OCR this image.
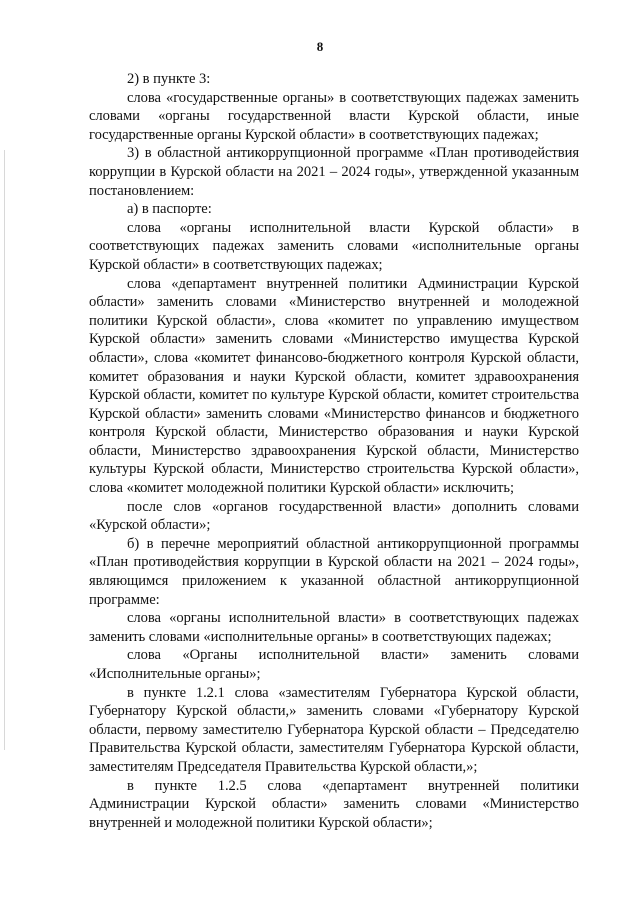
8

2) в пункте 3:

слова «государственные органы» в соответствующих падежах заменить словами «органы государственной власти Курской области, иные государственные органы Курской области» в соответствующих падежах;

3) в областной антикоррупционной программе «План противодействия коррупции в Курской области на 2021 – 2024 годы», утвержденной указанным постановлением:

а) в паспорте:

слова «органы исполнительной власти Курской области» в соответствующих падежах заменить словами «исполнительные органы Курской области» в соответствующих падежах;

слова «департамент внутренней политики Администрации Курской области» заменить словами «Министерство внутренней и молодежной политики Курской области», слова «комитет по управлению имуществом Курской области» заменить словами «Министерство имущества Курской области», слова «комитет финансово-бюджетного контроля Курской области, комитет образования и науки Курской области, комитет здравоохранения Курской области, комитет по культуре Курской области, комитет строительства Курской области» заменить словами «Министерство финансов и бюджетного контроля Курской области, Министерство образования и науки Курской области, Министерство здравоохранения Курской области, Министерство культуры Курской области, Министерство строительства Курской области», слова «комитет молодежной политики Курской области» исключить;

после слов «органов государственной власти» дополнить словами «Курской области»;

б) в перечне мероприятий областной антикоррупционной программы «План противодействия коррупции в Курской области на 2021 – 2024 годы», являющимся приложением к указанной областной антикоррупционной программе:

слова «органы исполнительной власти» в соответствующих падежах заменить словами «исполнительные органы» в соответствующих падежах;

слова «Органы исполнительной власти» заменить словами «Исполнительные органы»;

в пункте 1.2.1 слова «заместителям Губернатора Курской области, Губернатору Курской области,» заменить словами «Губернатору Курской области, первому заместителю Губернатора Курской области – Председателю Правительства Курской области, заместителям Губернатора Курской области, заместителям Председателя Правительства Курской области,»;

в пункте 1.2.5 слова «департамент внутренней политики Администрации Курской области» заменить словами «Министерство внутренней и молодежной политики Курской области»;
